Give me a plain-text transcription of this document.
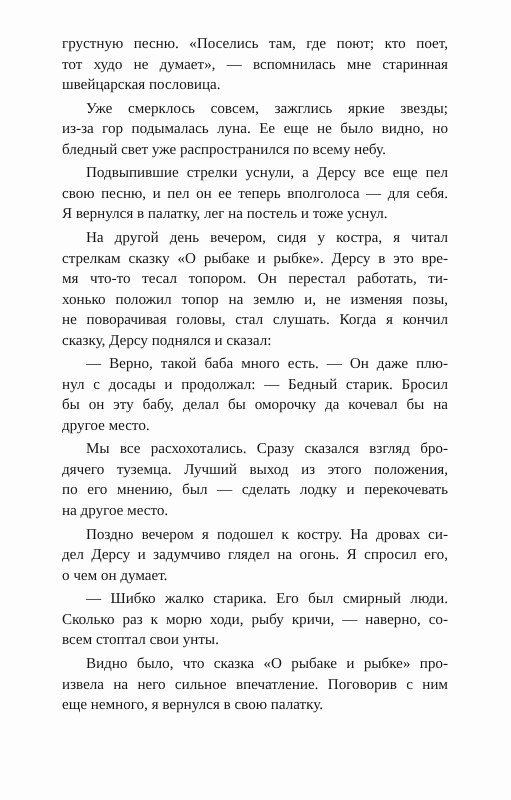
грустную песню. «Поселись там, где поют; кто поет,
тот худо не думает», — вспомнилась мне старинная
швейцарская пословица.
Уже смерклось совсем, зажглись яркие звезды;
из-за гор подымалась луна. Ее еще не было видно, но
бледный свет уже распространился по всему небу.
Подвыпившие стрелки уснули, а Дерсу все еще пел
свою песню, и пел он ее теперь вполголоса — для себя.
Я вернулся в палатку, лег на постель и тоже уснул.
На другой день вечером, сидя у костра, я читал
стрелкам сказку «О рыбаке и рыбке». Дерсу в это вре-
мя что-то тесал топором. Он перестал работать, ти-
хонько положил топор на землю и, не изменяя позы,
не поворачивая головы, стал слушать. Когда я кончил
сказку, Дерсу поднялся и сказал:
— Верно, такой баба много есть. — Он даже плю-
нул с досады и продолжал: — Бедный старик. Бросил
бы он эту бабу, делал бы оморочку да кочевал бы на
другое место.
Мы все расхохотались. Сразу сказался взгляд бро-
дячего туземца. Лучший выход из этого положения,
по его мнению, был — сделать лодку и перекочевать
на другое место.
Поздно вечером я подошел к костру. На дровах си-
дел Дерсу и задумчиво глядел на огонь. Я спросил его,
о чем он думает.
— Шибко жалко старика. Его был смирный люди.
Сколько раз к морю ходи, рыбу кричи, — наверно, со-
всем стоптал свои унты.
Видно было, что сказка «О рыбаке и рыбке» про-
извела на него сильное впечатление. Поговорив с ним
еще немного, я вернулся в свою палатку.
